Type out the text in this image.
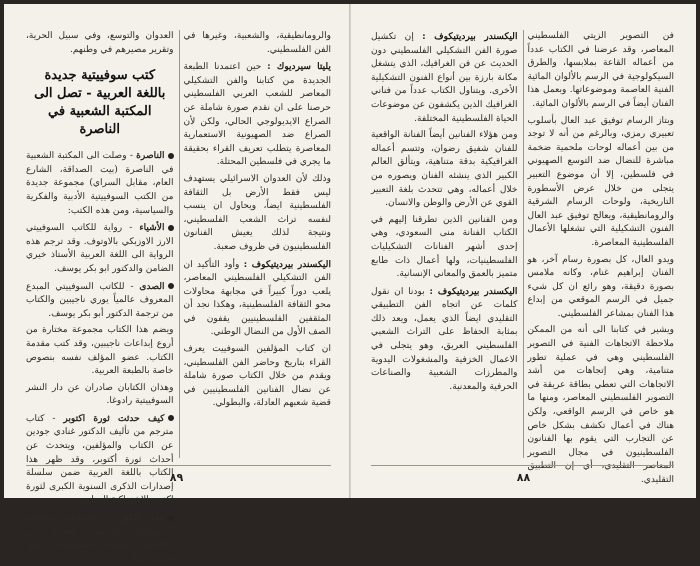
العدوان والتوسع، وفي سبيل الحرية، وتقرير مصيرهم في وطنهم.

كتب سوفييتية جديدة باللغة العربية - تصل الى المكتبة الشعبية في الناصرة

الناصرة - وصلت الى المكتبة الشعبية في الناصرة (بيت الصداقة، الشارع العام، مقابل السراي) مجموعة جديدة من الكتب السوفييتية الأدبية والفكرية والسياسية، ومن هذه الكتب:

الأشياء - رواية للكاتب السوفييتي الارز الاوزبكي بالاوتوف. وقد ترجم هذه الرواية الى اللغة العربية الأستاذ خيري الضامن والدكتور ابو بكر يوسف.

الصدى - للكاتب السوفييتي المبدع المعروف عالمياً يوري ناجيبين والكتاب من ترجمة الدكتور أبو بكر يوسف.

ويضم هذا الكتاب مجموعة مختارة من أروع إبداعات ناجيبين، وقد كتب مقدمة الكتاب. عضو المؤلف نفسه بنصوص خاصة بالطبعة العربية.

وهذان الكتابان صادران عن دار النشر السوفييتية رادوغا.

كيف حدثت ثورة اكتوبر - كتاب مترجم من تأليف الدكتور غنادي جودين عن الكتاب والمؤلفين، ويتحدث عن أحداث ثورة أكتوبر، وقد ظهر هذا الكتاب باللغة العربية ضمن سلسلة إصدارات الذكرى السنوية الكبرى لثورة اكتوبر الاشتراكية العظمى.

علم البلور - مجموعة دراسات انثربولوجية أكاديمية صادرة عن الأكاديمية العلوم السوفييتية رئيس تحرير الكتاب.

والرومانطيقية، والشعبية، وغيرها في الفن الفلسطيني.

يليتا سيرديوك : حين اعتمدنا الطبعة الجديدة من كتابنا والفن التشكيلي المعاصر للشعب العربي الفلسطيني حرصنا على ان نقدم صورة شاملة عن الصراع الايديولوجي الحالي، ولكن لأن الصراع ضد الصهيونية الاستعمارية المعاصرة يتطلب تعريف القراء بحقيقة ما يجري في فلسطين المحتلة.

وذلك لأن العدوان الاسرائيلي يستهدف ليس فقط الأرض بل الثقافة الفلسطينية ايضاً، ويحاول ان ينسب لنفسه تراث الشعب الفلسطيني، ونتيجة لذلك يعيش الفنانون الفلسطينيون في ظروف صعبة.

اليكسندر بيرديتيكوف : وأود التأكيد ان الفن التشكيلي الفلسطيني المعاصر، يلعب دوراً كبيراً في مجابهة محاولات محو الثقافة الفلسطينية، وهكذا نجد أن المثقفين الفلسطينيين يقفون في الصف الأول من النضال الوطني.

ان كتاب المؤلفين السوفييت يعرف القراء بتاريخ وحاضر الفن الفلسطيني، ويقدم من خلال الكتاب صورة شاملة عن نضال الفنانين الفلسطينيين في قضية شعبهم العادلة، والبطولي.

٨٩

اليكسندر بيرديتيكوف : إن تكشيل صورة الفن التشكيلي الفلسطيني دون الحديث عن فن الغرافيك، الذي يتشغل مكانة بارزة بين أنواع الفنون التشكيلية الأخرى. ويتناول الكتاب عدداً من فناني الغرافيك الذين يكشفون عن موضوعات الحياة الفلسطينية المختلفة.

ومن هؤلاء الفنانين أيضاً الفنانة الواقعية للفنان شفيق رضوان، وتتسم أعماله الغرافيكية بدقة متناهية، ويتألق العالم الكبير الذي ينشئه الفنان ويصوره من خلال أعماله، وهي تتحدث بلغة التعبير القوي عن الأرض والوطن والانسان.

ومن الفنانين الذين تطرقنا إليهم في الكتاب الفنانة منى السعودي، وهي إحدى أشهر الفنانات التشكيليات الفلسطينيات، ولها أعمال ذات طابع متميز بالعمق والمعاني الإنسانية.

اليكسندر بيرديتيكوف : بودنا ان نقول كلمات عن اتجاه الفن التطبيقي التقليدي ايضاً الذي يعمل، ويعد ذلك بمثابة الحفاظ على التراث الشعبي الفلسطيني العريق، وهو يتجلى في الاعمال الخزفية والمشغولات اليدوية والمطرزات الشعبية والصناعات الحرفية والمعدنية.

فن التصوير الزيتي الفلسطيني المعاصر، وقد عرضنا في الكتاب عدداً من أعماله القاعة بملابسها، والطرق السيكولوجية في الرسم بالألوان المائية الفنية العاصمة وموضوعاتها. وبعمل هذا الفنان أيضاً في الرسم بالألوان المائية.

وبتاز الرسام توفيق عبد العال بأسلوب تعبيري رمزي، وبالرغم من أنه لا توجد من بين أعماله لوحات ملحمية ضخمة مباشرة للنضال ضد التوسع الصهيوني في فلسطين، إلا أن موضوع التعبير يتجلى من خلال عرض الأسطورة التاريخية، ولوحات الرسام الشرقية والرومانطيقية، ويعالج توفيق عبد العال الفنون التشكيلية التي تشغلها الأعمال الفلسطينية المعاصرة.

ويدو العال، كل بصورة رسام آخر، هو الفنان إبراهيم غنام، وكانه ملامس بصورة دقيقة، وهو رائع ان كل شيء جميل في الرسم الموقعي من إبداع هذا الفنان بمشاعر الفلسطيني.

ويشير في كتابنا الى أنه من الممكن ملاحظة الاتجاهات الفنية في التصوير الفلسطيني وهي في عملية تطور متنامية، وهي إتجاهات من أشد الاتجاهات التي تعطي بطاقة عريقة في التصوير الفلسطيني المعاصر، ومنها ما هو خاص في الرسم الواقعي، ولكن هناك في أعمال تكشف بشكل خاص عن التجارب التي يقوم بها الفنانون الفلسطينيون في مجال التصوير المعاصر التقليدي، أي إن التطبيق التقليدي.

٨٨
